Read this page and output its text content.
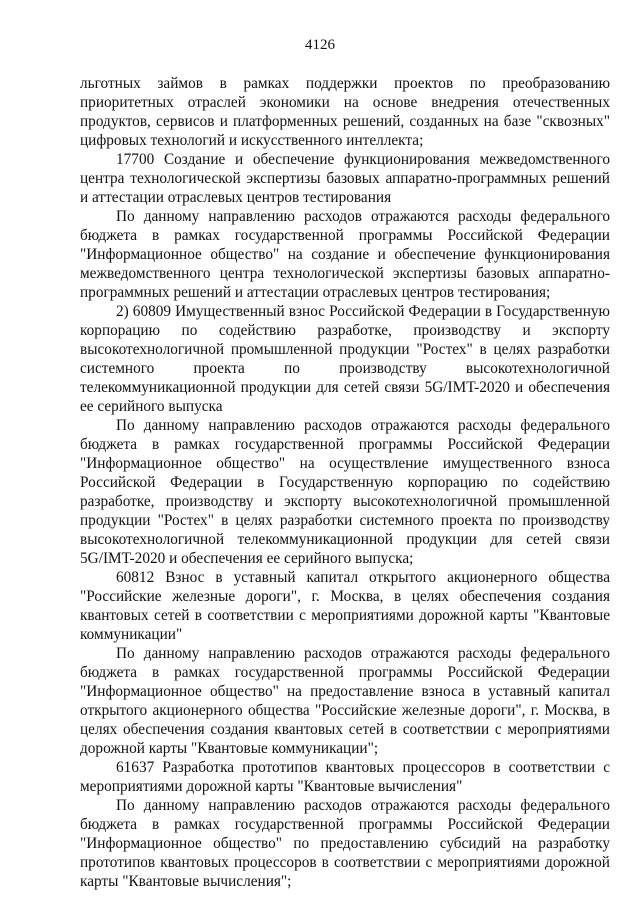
4126

льготных займов в рамках поддержки проектов по преобразованию приоритетных отраслей экономики на основе внедрения отечественных продуктов, сервисов и платформенных решений, созданных на базе "сквозных" цифровых технологий и искусственного интеллекта;

17700 Создание и обеспечение функционирования межведомственного центра технологической экспертизы базовых аппаратно-программных решений и аттестации отраслевых центров тестирования

По данному направлению расходов отражаются расходы федерального бюджета в рамках государственной программы Российской Федерации "Информационное общество" на создание и обеспечение функционирования межведомственного центра технологической экспертизы базовых аппаратно-программных решений и аттестации отраслевых центров тестирования;

2) 60809 Имущественный взнос Российской Федерации в Государственную корпорацию по содействию разработке, производству и экспорту высокотехнологичной промышленной продукции "Ростех" в целях разработки системного проекта по производству высокотехнологичной телекоммуникационной продукции для сетей связи 5G/IMT-2020 и обеспечения ее серийного выпуска

По данному направлению расходов отражаются расходы федерального бюджета в рамках государственной программы Российской Федерации "Информационное общество" на осуществление имущественного взноса Российской Федерации в Государственную корпорацию по содействию разработке, производству и экспорту высокотехнологичной промышленной продукции "Ростех" в целях разработки системного проекта по производству высокотехнологичной телекоммуникационной продукции для сетей связи 5G/IMT-2020 и обеспечения ее серийного выпуска;

60812 Взнос в уставный капитал открытого акционерного общества "Российские железные дороги", г. Москва, в целях обеспечения создания квантовых сетей в соответствии с мероприятиями дорожной карты "Квантовые коммуникации"

По данному направлению расходов отражаются расходы федерального бюджета в рамках государственной программы Российской Федерации "Информационное общество" на предоставление взноса в уставный капитал открытого акционерного общества "Российские железные дороги", г. Москва, в целях обеспечения создания квантовых сетей в соответствии с мероприятиями дорожной карты "Квантовые коммуникации";

61637 Разработка прототипов квантовых процессоров в соответствии с мероприятиями дорожной карты "Квантовые вычисления"

По данному направлению расходов отражаются расходы федерального бюджета в рамках государственной программы Российской Федерации "Информационное общество" по предоставлению субсидий на разработку прототипов квантовых процессоров в соответствии с мероприятиями дорожной карты "Квантовые вычисления";
